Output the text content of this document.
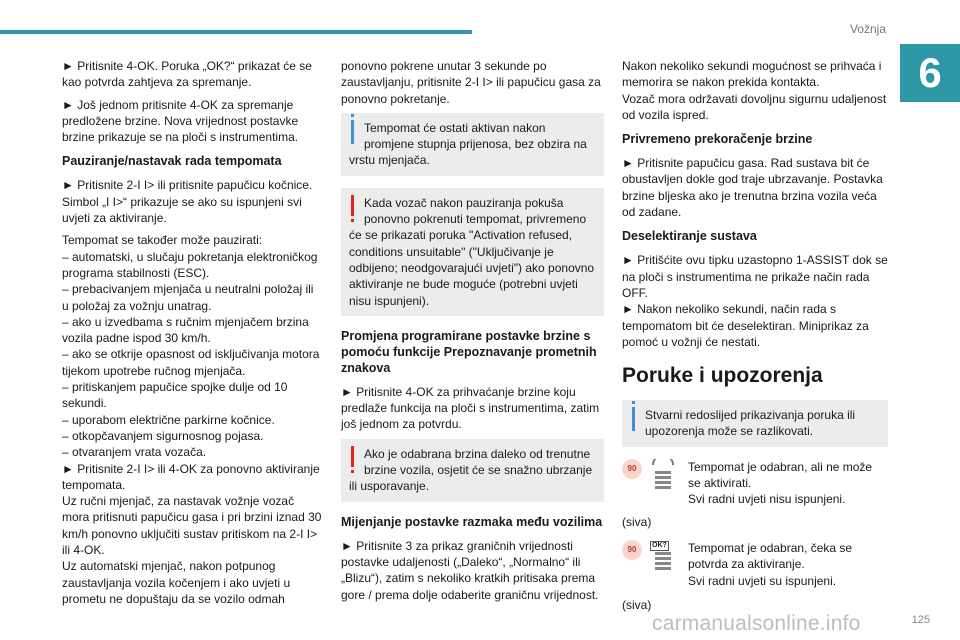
Vožnja
6

► Pritisnite 4-OK. Poruka „OK?“ prikazat će se kao potvrda zahtjeva za spremanje.

► Još jednom pritisnite 4-OK za spremanje predložene brzine. Nova vrijednost postavke brzine prikazuje se na ploči s instrumentima.

Pauziranje/nastavak rada tempomata

► Pritisnite 2-I I> ili pritisnite papučicu kočnice. Simbol „I I>“ prikazuje se ako su ispunjeni svi uvjeti za aktiviranje.

Tempomat se također može pauzirati:
– automatski, u slučaju pokretanja elektroničkog programa stabilnosti (ESC).
– prebacivanjem mjenjača u neutralni položaj ili u položaj za vožnju unatrag.
– ako u izvedbama s ručnim mjenjačem brzina vozila padne ispod 30 km/h.
– ako se otkrije opasnost od isključivanja motora tijekom upotrebe ručnog mjenjača.
– pritiskanjem papučice spojke dulje od 10 sekundi.
– uporabom električne parkirne kočnice.
– otkopčavanjem sigurnosnog pojasa.
– otvaranjem vrata vozača.
► Pritisnite 2-I I> ili 4-OK za ponovno aktiviranje tempomata.
Uz ručni mjenjač, za nastavak vožnje vozač mora pritisnuti papučicu gasa i pri brzini iznad 30 km/h ponovno uključiti sustav pritiskom na 2-I I> ili 4-OK.
Uz automatski mjenjač, nakon potpunog zaustavljanja vozila kočenjem i ako uvjeti u prometu ne dopuštaju da se vozilo odmah

ponovno pokrene unutar 3 sekunde po zaustavljanju, pritisnite 2-I I> ili papučicu gasa za ponovno pokretanje.

Tempomat će ostati aktivan nakon promjene stupnja prijenosa, bez obzira na vrstu mjenjača.
Kada vozač nakon pauziranja pokuša ponovno pokrenuti tempomat, privremeno će se prikazati poruka "Activation refused, conditions unsuitable" ("Uključivanje je odbijeno; neodgovarajući uvjeti") ako ponovno aktiviranje ne bude moguće (potrebni uvjeti nisu ispunjeni).
Promjena programirane postavke brzine s pomoću funkcije Prepoznavanje prometnih znakova

► Pritisnite 4-OK za prihvaćanje brzine koju predlaže funkcija na ploči s instrumentima, zatim još jednom za potvrdu.

Ako je odabrana brzina daleko od trenutne brzine vozila, osjetit će se snažno ubrzanje ili usporavanje.
Mijenjanje postavke razmaka među vozilima

► Pritisnite 3 za prikaz graničnih vrijednosti postavke udaljenosti („Daleko“, „Normalno“ ili „Blizu“), zatim s nekoliko kratkih pritisaka prema gore / prema dolje odaberite graničnu vrijednost.

Nakon nekoliko sekundi mogućnost se prihvaća i memorira se nakon prekida kontakta.

Vozač mora održavati dovoljnu sigurnu udaljenost od vozila ispred.

Privremeno prekoračenje brzine

► Pritisnite papučicu gasa. Rad sustava bit će obustavljen dokle god traje ubrzavanje. Postavka brzine bljeska ako je trenutna brzina vozila veća od zadane.

Deselektiranje sustava
► Pritišćite ovu tipku uzastopno 1-ASSIST dok se na ploči s instrumentima ne prikaže način rada OFF.

► Nakon nekoliko sekundi, način rada s tempomatom bit će deselektiran. Miniprikaz za pomoć u vožnji će nestati.

Poruke i upozorenja
Stvarni redoslijed prikazivanja poruka ili upozorenja može se razlikovati.
90	Tempomat je odabran, ali ne može se aktivirati.
Svi radni uvjeti nisu ispunjeni.
(siva)
90	OK? Tempomat je odabran, čeka se potvrda za aktiviranje.
Svi radni uvjeti su ispunjeni.
(siva)
125
carmanualsonline.info
